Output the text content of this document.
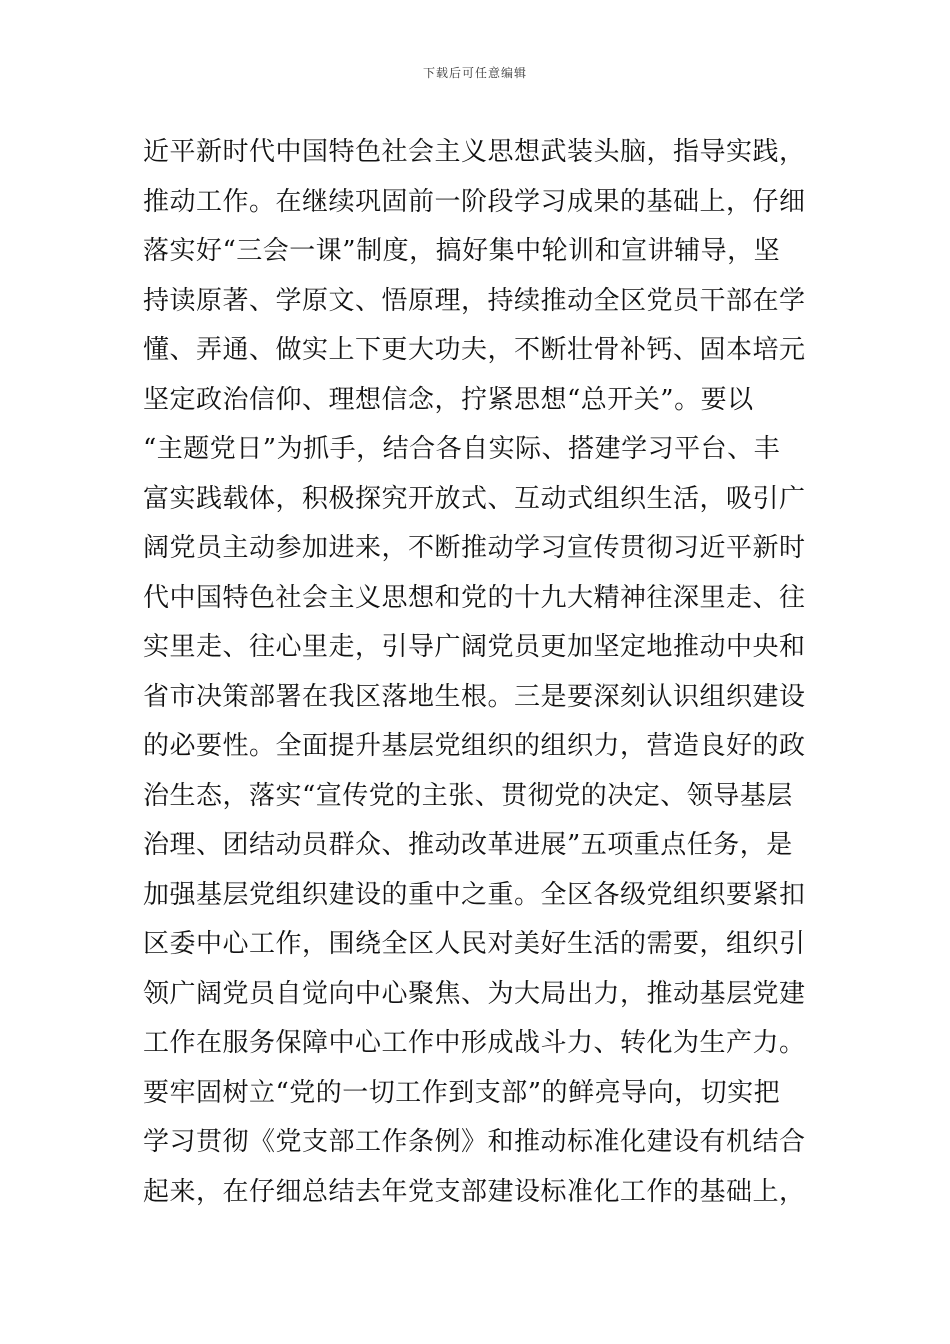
下载后可任意编辑
近平新时代中国特色社会主义思想武装头脑，指导实践，
推动工作。在继续巩固前一阶段学习成果的基础上，仔细
落实好“三会一课”制度，搞好集中轮训和宣讲辅导，坚
持读原著、学原文、悟原理，持续推动全区党员干部在学
懂、弄通、做实上下更大功夫，不断壮骨补钙、固本培元
坚定政治信仰、理想信念，拧紧思想“总开关”。要以
“主题党日”为抓手，结合各自实际、搭建学习平台、丰
富实践载体，积极探究开放式、互动式组织生活，吸引广
阔党员主动参加进来，不断推动学习宣传贯彻习近平新时
代中国特色社会主义思想和党的十九大精神往深里走、往
实里走、往心里走，引导广阔党员更加坚定地推动中央和
省市决策部署在我区落地生根。三是要深刻认识组织建设
的必要性。全面提升基层党组织的组织力，营造良好的政
治生态，落实“宣传党的主张、贯彻党的决定、领导基层
治理、团结动员群众、推动改革进展”五项重点任务，是
加强基层党组织建设的重中之重。全区各级党组织要紧扣
区委中心工作，围绕全区人民对美好生活的需要，组织引
领广阔党员自觉向中心聚焦、为大局出力，推动基层党建
工作在服务保障中心工作中形成战斗力、转化为生产力。
要牢固树立“党的一切工作到支部”的鲜亮导向，切实把
学习贯彻《党支部工作条例》和推动标准化建设有机结合
起来，在仔细总结去年党支部建设标准化工作的基础上，
